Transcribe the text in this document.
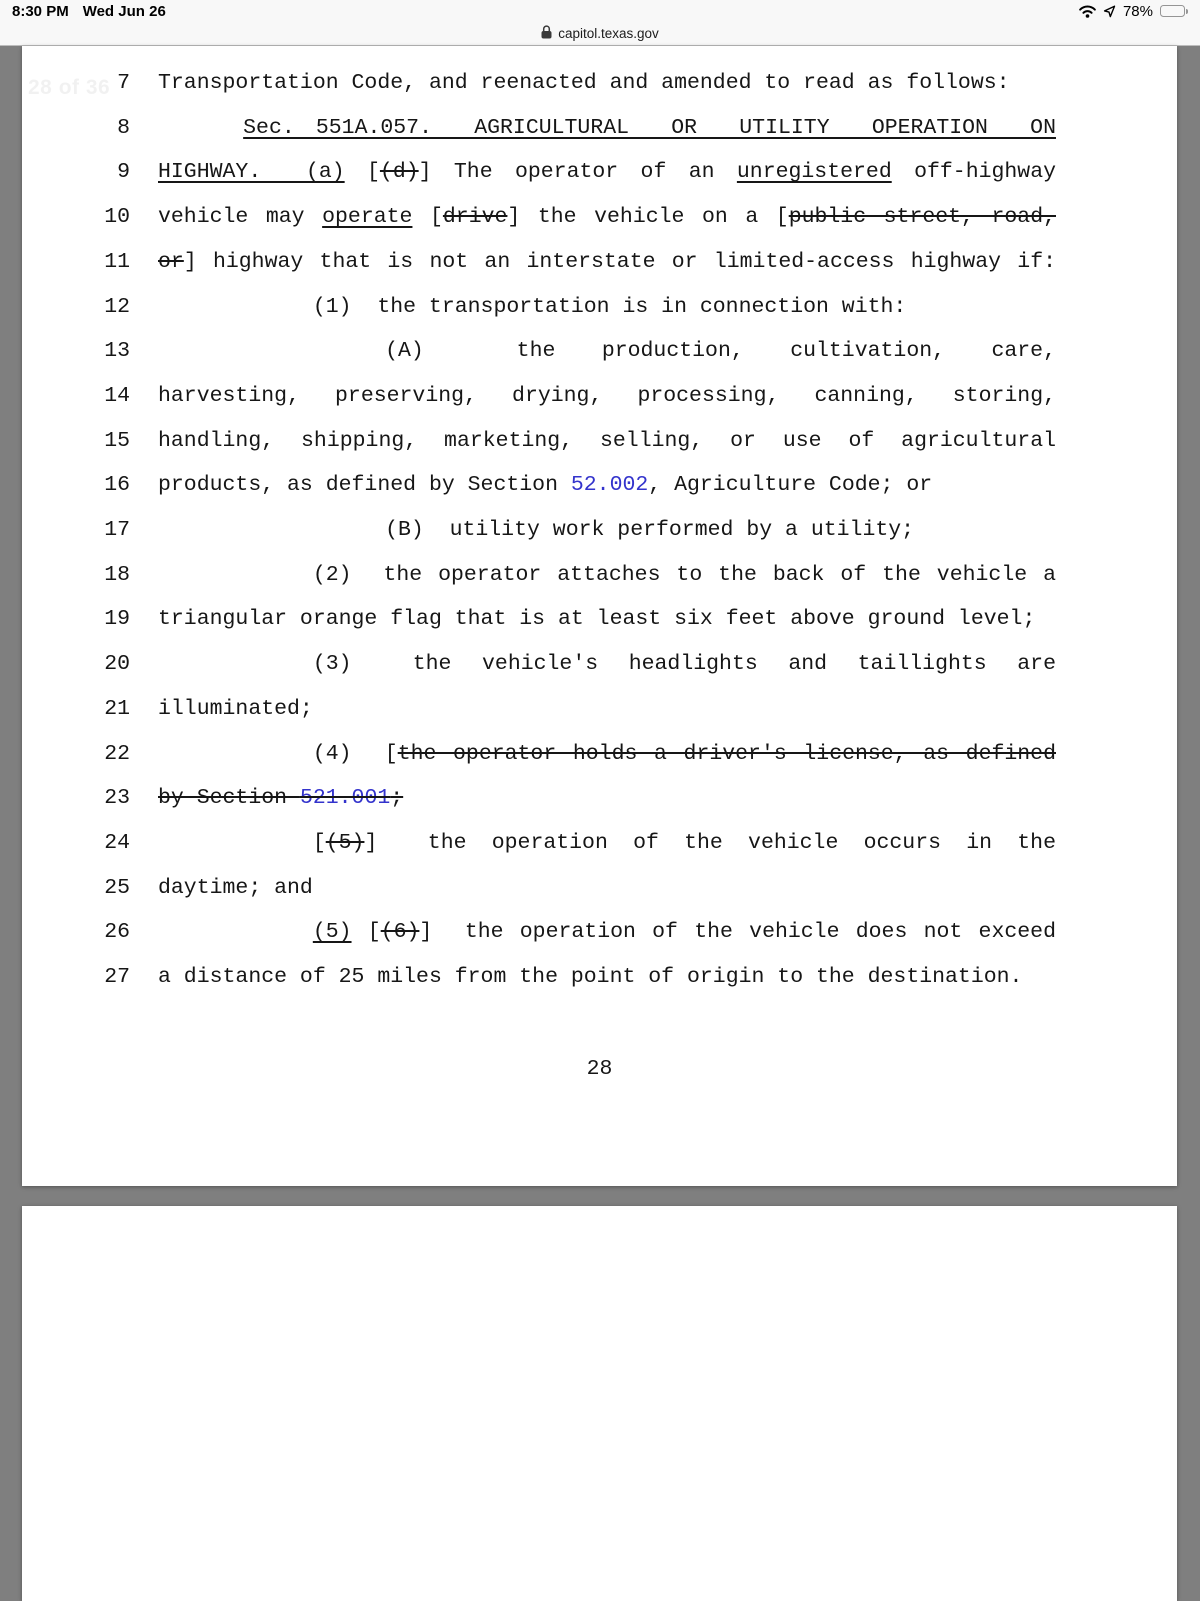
8:30 PM Wed Jun 26	78%
capitol.texas.gov
7 Transportation Code, and reenacted and amended to read as follows:
8	Sec. 551A.057.  AGRICULTURAL  OR  UTILITY  OPERATION  ON
9 HIGHWAY.  (a) [(d)] The operator of an unregistered off-highway
10 vehicle may operate [drive] the vehicle on a [public street, road,
11 or] highway that is not an interstate or limited-access highway if:
12	(1)  the transportation is in connection with:
13	(A)  the production, cultivation, care,
14 harvesting, preserving, drying, processing, canning, storing,
15 handling, shipping, marketing, selling, or use of agricultural
16 products, as defined by Section 52.002, Agriculture Code; or
17	(B)  utility work performed by a utility;
18	(2)  the operator attaches to the back of the vehicle a
19 triangular orange flag that is at least six feet above ground level;
20	(3)  the vehicle's headlights and taillights are
21 illuminated;
22	(4)  [the operator holds a driver's license, as defined
23 by Section 521.001;
24	[(5)]  the operation of the vehicle occurs in the
25 daytime; and
26	(5) [(6)]  the operation of the vehicle does not exceed
27 a distance of 25 miles from the point of origin to the destination.
28
28 of 36
